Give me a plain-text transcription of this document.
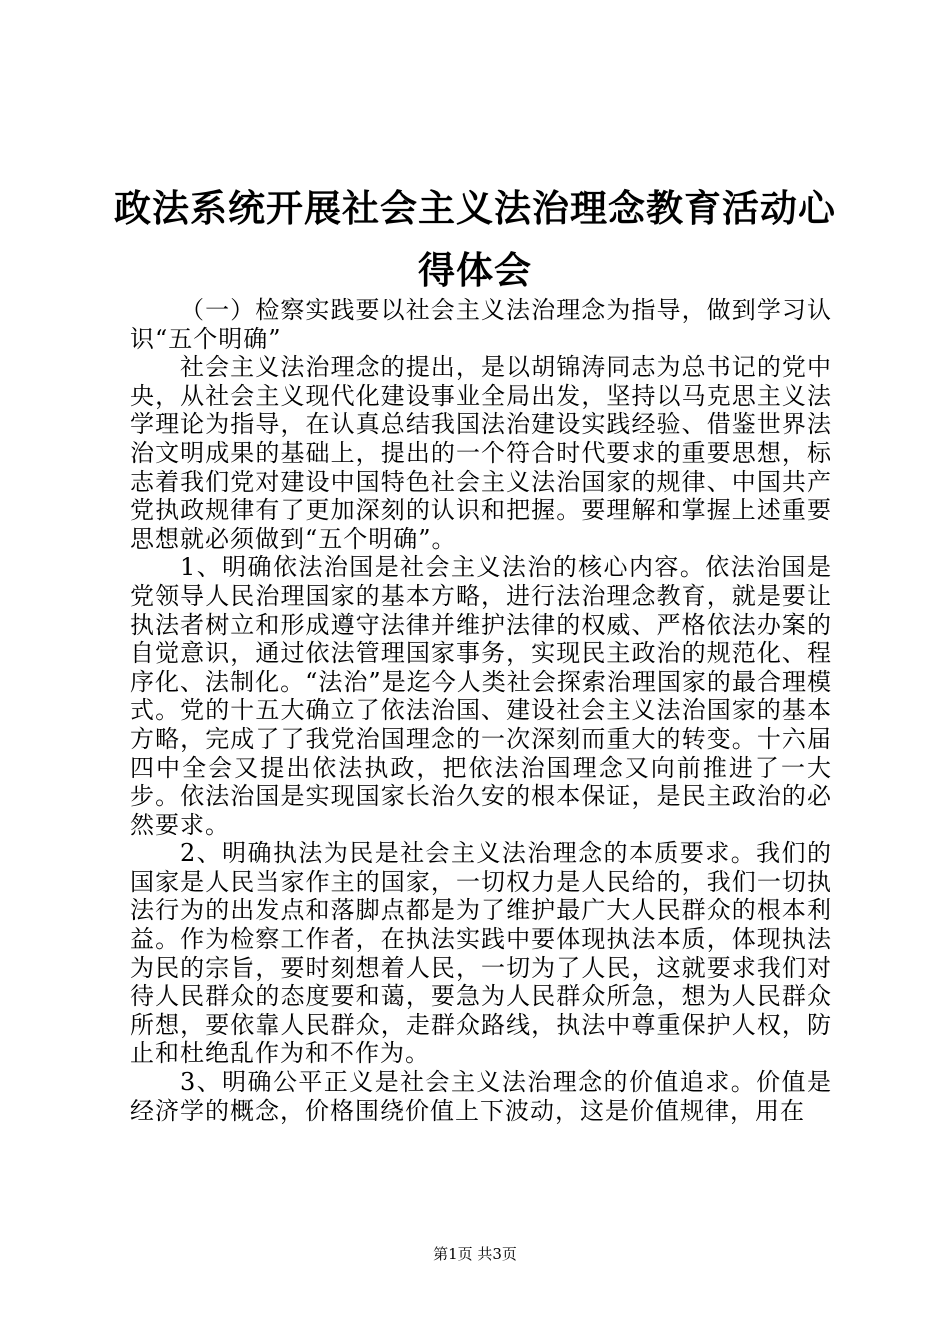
政法系统开展社会主义法治理念教育活动心得体会

（一）检察实践要以社会主义法治理念为指导，做到学习认识“五个明确”

社会主义法治理念的提出，是以胡锦涛同志为总书记的党中央，从社会主义现代化建设事业全局出发，坚持以马克思主义法学理论为指导，在认真总结我国法治建设实践经验、借鉴世界法治文明成果的基础上，提出的一个符合时代要求的重要思想，标志着我们党对建设中国特色社会主义法治国家的规律、中国共产党执政规律有了更加深刻的认识和把握。要理解和掌握上述重要思想就必须做到“五个明确”。

1、明确依法治国是社会主义法治的核心内容。依法治国是党领导人民治理国家的基本方略，进行法治理念教育，就是要让执法者树立和形成遵守法律并维护法律的权威、严格依法办案的自觉意识，通过依法管理国家事务，实现民主政治的规范化、程序化、法制化。“法治”是迄今人类社会探索治理国家的最合理模式。党的十五大确立了依法治国、建设社会主义法治国家的基本方略，完成了了我党治国理念的一次深刻而重大的转变。十六届四中全会又提出依法执政，把依法治国理念又向前推进了一大步。依法治国是实现国家长治久安的根本保证，是民主政治的必然要求。

2、明确执法为民是社会主义法治理念的本质要求。我们的国家是人民当家作主的国家，一切权力是人民给的，我们一切执法行为的出发点和落脚点都是为了维护最广大人民群众的根本利益。作为检察工作者，在执法实践中要体现执法本质，体现执法为民的宗旨，要时刻想着人民，一切为了人民，这就要求我们对待人民群众的态度要和蔼，要急为人民群众所急，想为人民群众所想，要依靠人民群众，走群众路线，执法中尊重保护人权，防止和杜绝乱作为和不作为。

3、明确公平正义是社会主义法治理念的价值追求。价值是经济学的概念，价格围绕价值上下波动，这是价值规律，用在

第1页 共3页
